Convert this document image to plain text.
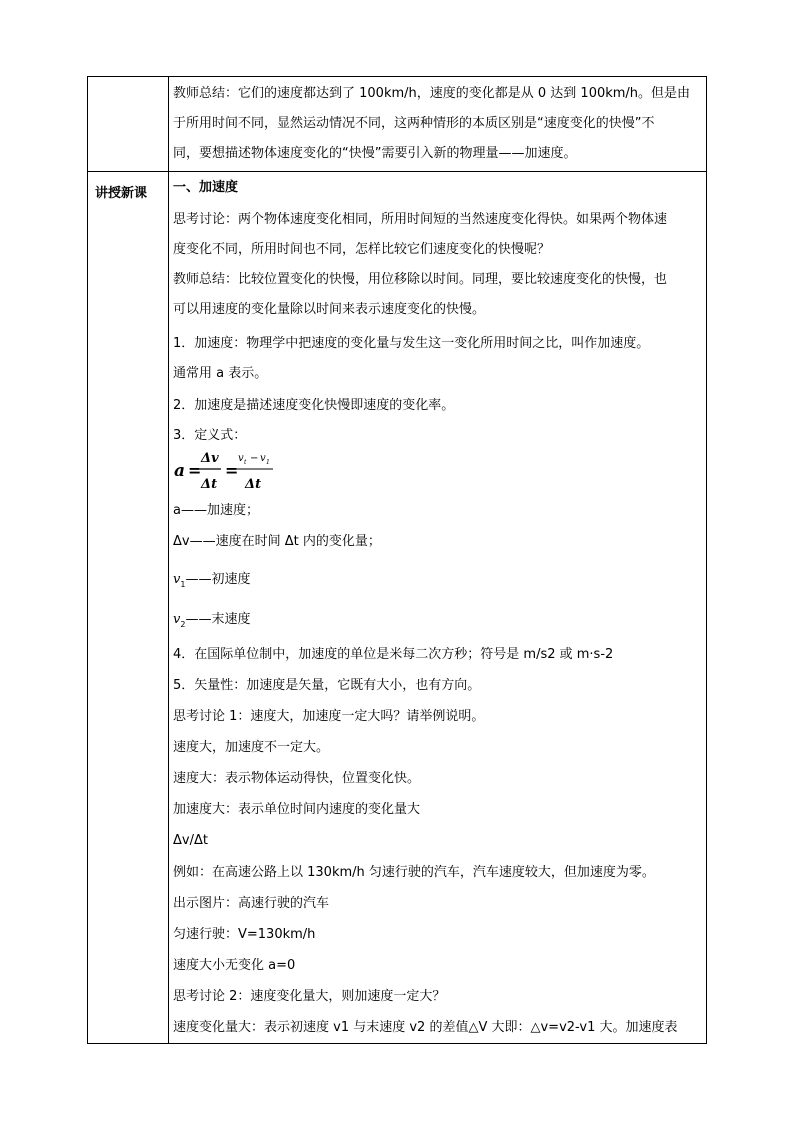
教师总结：它们的速度都达到了 100km/h，速度的变化都是从 0 达到 100km/h。但是由
于所用时间不同，显然运动情况不同，这两种情形的本质区别是“速度变化的快慢”不
同，要想描述物体速度变化的“快慢”需要引入新的物理量——加速度。
讲授新课 一、加速度
思考讨论：两个物体速度变化相同，所用时间短的当然速度变化得快。如果两个物体速
度变化不同，所用时间也不同，怎样比较它们速度变化的快慢呢？
教师总结：比较位置变化的快慢，用位移除以时间。同理，要比较速度变化的快慢，也
可以用速度的变化量除以时间来表示速度变化的快慢。
1．加速度：物理学中把速度的变化量与发生这一变化所用时间之比，叫作加速度。
通常用 a 表示。
2．加速度是描述速度变化快慢即速度的变化率。
3．定义式：
a =
Δv
Δt
=
v t − v 1
Δt
a——加速度；
Δv——速度在时间 Δt 内的变化量；
$v_1——$初速度
$v_2——$末速度
4．在国际单位制中，加速度的单位是米每二次方秒；符号是 m/s2 或 m·s-2
5．矢量性：加速度是矢量，它既有大小，也有方向。
思考讨论 1：速度大，加速度一定大吗？请举例说明。
速度大，加速度不一定大。
速度大：表示物体运动得快，位置变化快。
加速度大：表示单位时间内速度的变化量大
Δv/Δt
例如：在高速公路上以 130km/h 匀速行驶的汽车，汽车速度较大，但加速度为零。
出示图片：高速行驶的汽车
匀速行驶：V=130km/h
速度大小无变化 a=0
思考讨论 2：速度变化量大，则加速度一定大？
速度变化量大：表示初速度 v1 与末速度 v2 的差值△V 大即：△v=v2-v1 大。加速度表
